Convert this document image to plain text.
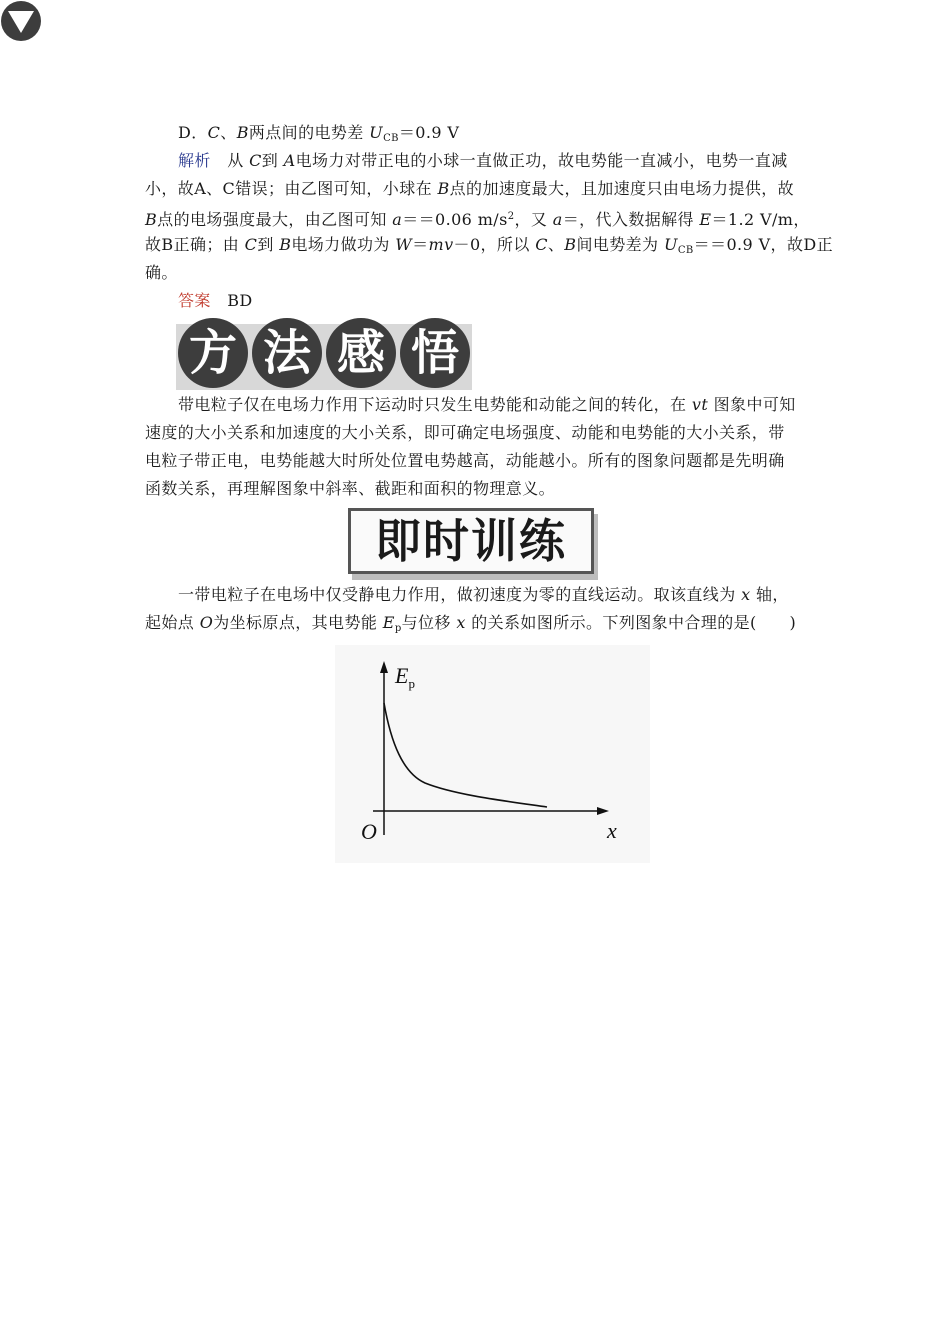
D．C、B两点间的电势差 $U_{CB}=0.9$ V
解析　从 C到 A电场力对带正电的小球一直做正功，故电势能一直减小，电势一直减
小，故A、C错误；由乙图可知，小球在 B点的加速度最大，且加速度只由电场力提供，故
B点的电场强度最大，由乙图可知 a＝＝0.06 $m/s^2$，又 a＝，代入数据解得 E＝1.2 V/m，
故B正确；由 C到 B电场力做功为 W＝mv－0，所以 C、B间电势差为 $U_{CB}==0.9$ V，故D正
确。
答案　BD
方 法 感 悟
带电粒子仅在电场力作用下运动时只发生电势能和动能之间的转化，在 vt 图象中可知
速度的大小关系和加速度的大小关系，即可确定电场强度、动能和电势能的大小关系，带
电粒子带正电，电势能越大时所处位置电势越高，动能越小。所有的图象问题都是先明确
函数关系，再理解图象中斜率、截距和面积的物理意义。
即时训练
一带电粒子在电场中仅受静电力作用，做初速度为零的直线运动。取该直线为 x 轴，
起始点 O为坐标原点，其电势能 $E_p$与位移 x 的关系如图所示。下列图象中合理的是(　　)
$E_p$
x
O
